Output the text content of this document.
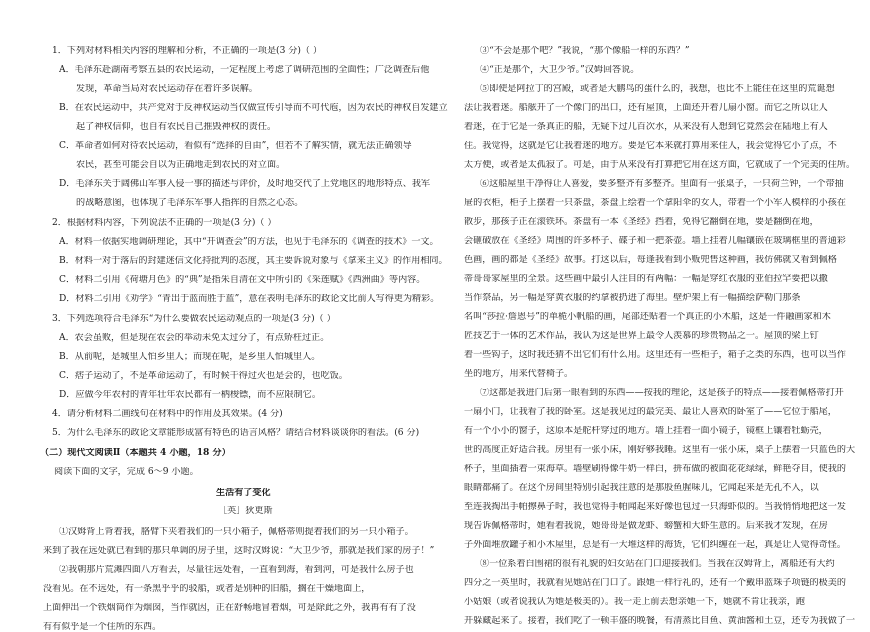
1．下列对材料相关内容的理解和分析，不正确的一项是(3 分)（ ）
A．毛泽东赴湖南考察五县的农民运动，一定程度上考虑了调研范围的全面性；广泛调查后他
发现，革命当局对农民运动存在着许多误解。
B．在农民运动中，共产党对于反神权运动当仅做宣传引导而不可代庖，因为农民的神权自发建立
起了神权信仰，也自有农民自己推毁神权的责任。
C．革命者如何对待农民运动，看似有“选择的自由”，但若不了解实情，就无法正确领导
农民，甚至可能会自以为正确地走到农民的对立面。
D．毛泽东关于阔佛山军事入侵一事的描述与评价，及时地交代了上党地区的地形特点、我军
的战略意图，也体现了毛泽东军事人指挥的自然之心态。
2．根据材料内容，下列说法不正确的一项是(3 分)（ ）
A．材料一依据实地调研理论，其中“开调查会”的方法，也见于毛泽东的《调查的技术》一文。
B．材料一对于落后的封建迷信文化持批判的态度，其主要诉说对象与《拿来主义》的作用相同。
C．材料二引用《荷塘月色》的“典”是指朱自清在文中所引的《采莲赋》《西洲曲》等内容。
D．材料二引用《劝学》“青出于蓝而胜于蓝”，意在表明毛泽东的政论文比前人写得更为精彩。
3．下列选项符合毛泽东“为什么要做农民运动观点的一项是(3 分)（ ）
A．农会虽败，但是现在农会的举动未免太过分了，有点矫枉过正。
B．从前呢，是城里人怕乡里人；而现在呢，是乡里人怕城里人。
C．痞子运动了，不是革命运动了，有时候干得过火也是会的，也吃饭。
D．应做今年农村的青年壮年农民都有一柄梭镖，而不应限制它。
4．请分析材料二画线句在材料中的作用及其效果。(4 分)
5．为什么毛泽东的政论文章能形成富有特色的语言风格？请结合材料谈谈你的看法。(6 分)
（二）现代文阅读Ⅱ（本题共 4 小题，18 分）
阅读下面的文字，完成 6～9 小题。
生活有了变化
［英］狄更斯
①汉姆背上背着我，胳臂下夹着我们的一只小箱子，佩格蒂则提着我们的另一只小箱子。
来到了我在远处就已看到的那只单调的房子里，这时汉姆说：“大卫少爷，那就是我们家的房子！”
②我朝那片荒滩四面八方看去，尽量往远处看，一直看到海，看到河，可是我什么房子也
没看见。在不远处，有一条黑乎乎的驳船，或者是别种的旧船，搁在干燥地面上，
上面伸出一个铁烟筒作为烟囱，当作就因，正在舒畅地冒着烟，可是除此之外，我再有有了没
有有似乎是一个住所的东西。
③“不会是那个吧？”我说，“那个像船一样的东西？”
④“正是那个，大卫少爷。”汉姆回答说。
⑤即使是阿拉丁的宫殿，或者是大鹏鸟的蛋什么的，我想，也比不上能住在这里的荒诞想
法让我着迷。船舷开了一个像门的出口，还有屋顶，上面还开着几扇小窗。而它之所以让人
着迷，在于它是一条真正的船，无疑下过几百次水，从来没有人想到它竟然会在陆地上有人
住。我觉得，这就是它让我着迷的地方。要是它本来就打算用来住人，我会觉得它小了点，不
太方便，或者是太孤寂了。可是，由于从来没有打算把它用在这方面，它就成了一个完美的住所。
⑥这船屋里干净得让人喜爱，要多整齐有多整齐。里面有一张桌子，一只荷兰钟，一个带抽
屉的衣柜，柜子上摆着一只茶盘，茶盘上绘着一个拿阳伞的女人，带着一个小军人模样的小孩在
散步，那孩子正在滚铁环。茶盘有一本《圣经》挡着，免得它翻倒在地，要是翻倒在地，
会砸破放在《圣经》周围的许多杯子、碟子和一把茶壶。墙上挂着几幅镶嵌在玻璃框里的普通彩
色画，画的都是《圣经》故事。打这以后，每逢我看到小贩兜售这种画，我仿佛就又看到佩格
蒂哥哥家屋里的全景。这些画中最引人注目的有两幅：一幅是穿红衣服的亚伯拉罕要把以撒
当作祭品，另一幅是穿黄衣服的约拿被扔进了海里。壁炉架上有一幅描绘萨勒门那条
名叫“莎拉·詹恩号”的单桅小帆船的画，尾部还贴着一个真正的小木船，这是一件融画家和木
匠技艺于一体的艺术作品，我认为这是世界上最令人羡慕的珍贵物品之一。屋顶的梁上钉
着一些钩子，这时我还猜不出它们有什么用。这里还有一些柜子，箱子之类的东西，也可以当作
坐的地方，用来代替椅子。
⑦这都是我进门后第一眼看到的东西——按我的理论，这是孩子的特点——接着佩格蒂打开
一扇小门，让我看了我的卧室。这是我见过的最完美、最让人喜欢的卧室了——它位于船尾，
有一个小小的窗子，这原本是舵杆穿过的地方。墙上挂着一面小镜子，镜框上镶着牡蛎壳，
世的高度正好适合我。房里有一张小床，刚好够我睡。这里有一张小床，桌子上摆着一只蓝色的大
杯子，里面插着一束海草。墙壁刷得像牛奶一样白，拼布做的被面花花绿绿，鲜艳夺目，使我的
眼睛都痛了。在这个房间里特别引起我注意的是那股鱼腥味儿，它闻起来是无孔不入，以
至连我掏出手帕擦鼻子时，我也觉得手帕闻起来好像也包过一只海虾似的。当我悄悄地把这一发
现告诉佩格蒂时，她看着我说，她哥哥是做龙虾、螃蟹和大虾生意的。后来我才发现，在房
子外面堆放罐子和小木屋里，总是有一大堆这样的海货，它们纠缠在一起，真是让人觉得奇怪。
⑧一位系着白围裙的很有礼貌的妇女站在门口迎接我们。当我在汉姆背上，离船还有大约
四分之一英里时，我就看见她站在门口了。跟她一样行礼的，还有一个戴串蓝珠子项链的极美的
小姑娘（或者说我认为她是极美的）。我一走上前去想亲她一下，她就不肯让我亲，跑
开躲藏起来了。接着，我们吃了一顿丰盛的晚餐，有清蒸比目鱼、黄油酱和土豆，还专为我做了一
